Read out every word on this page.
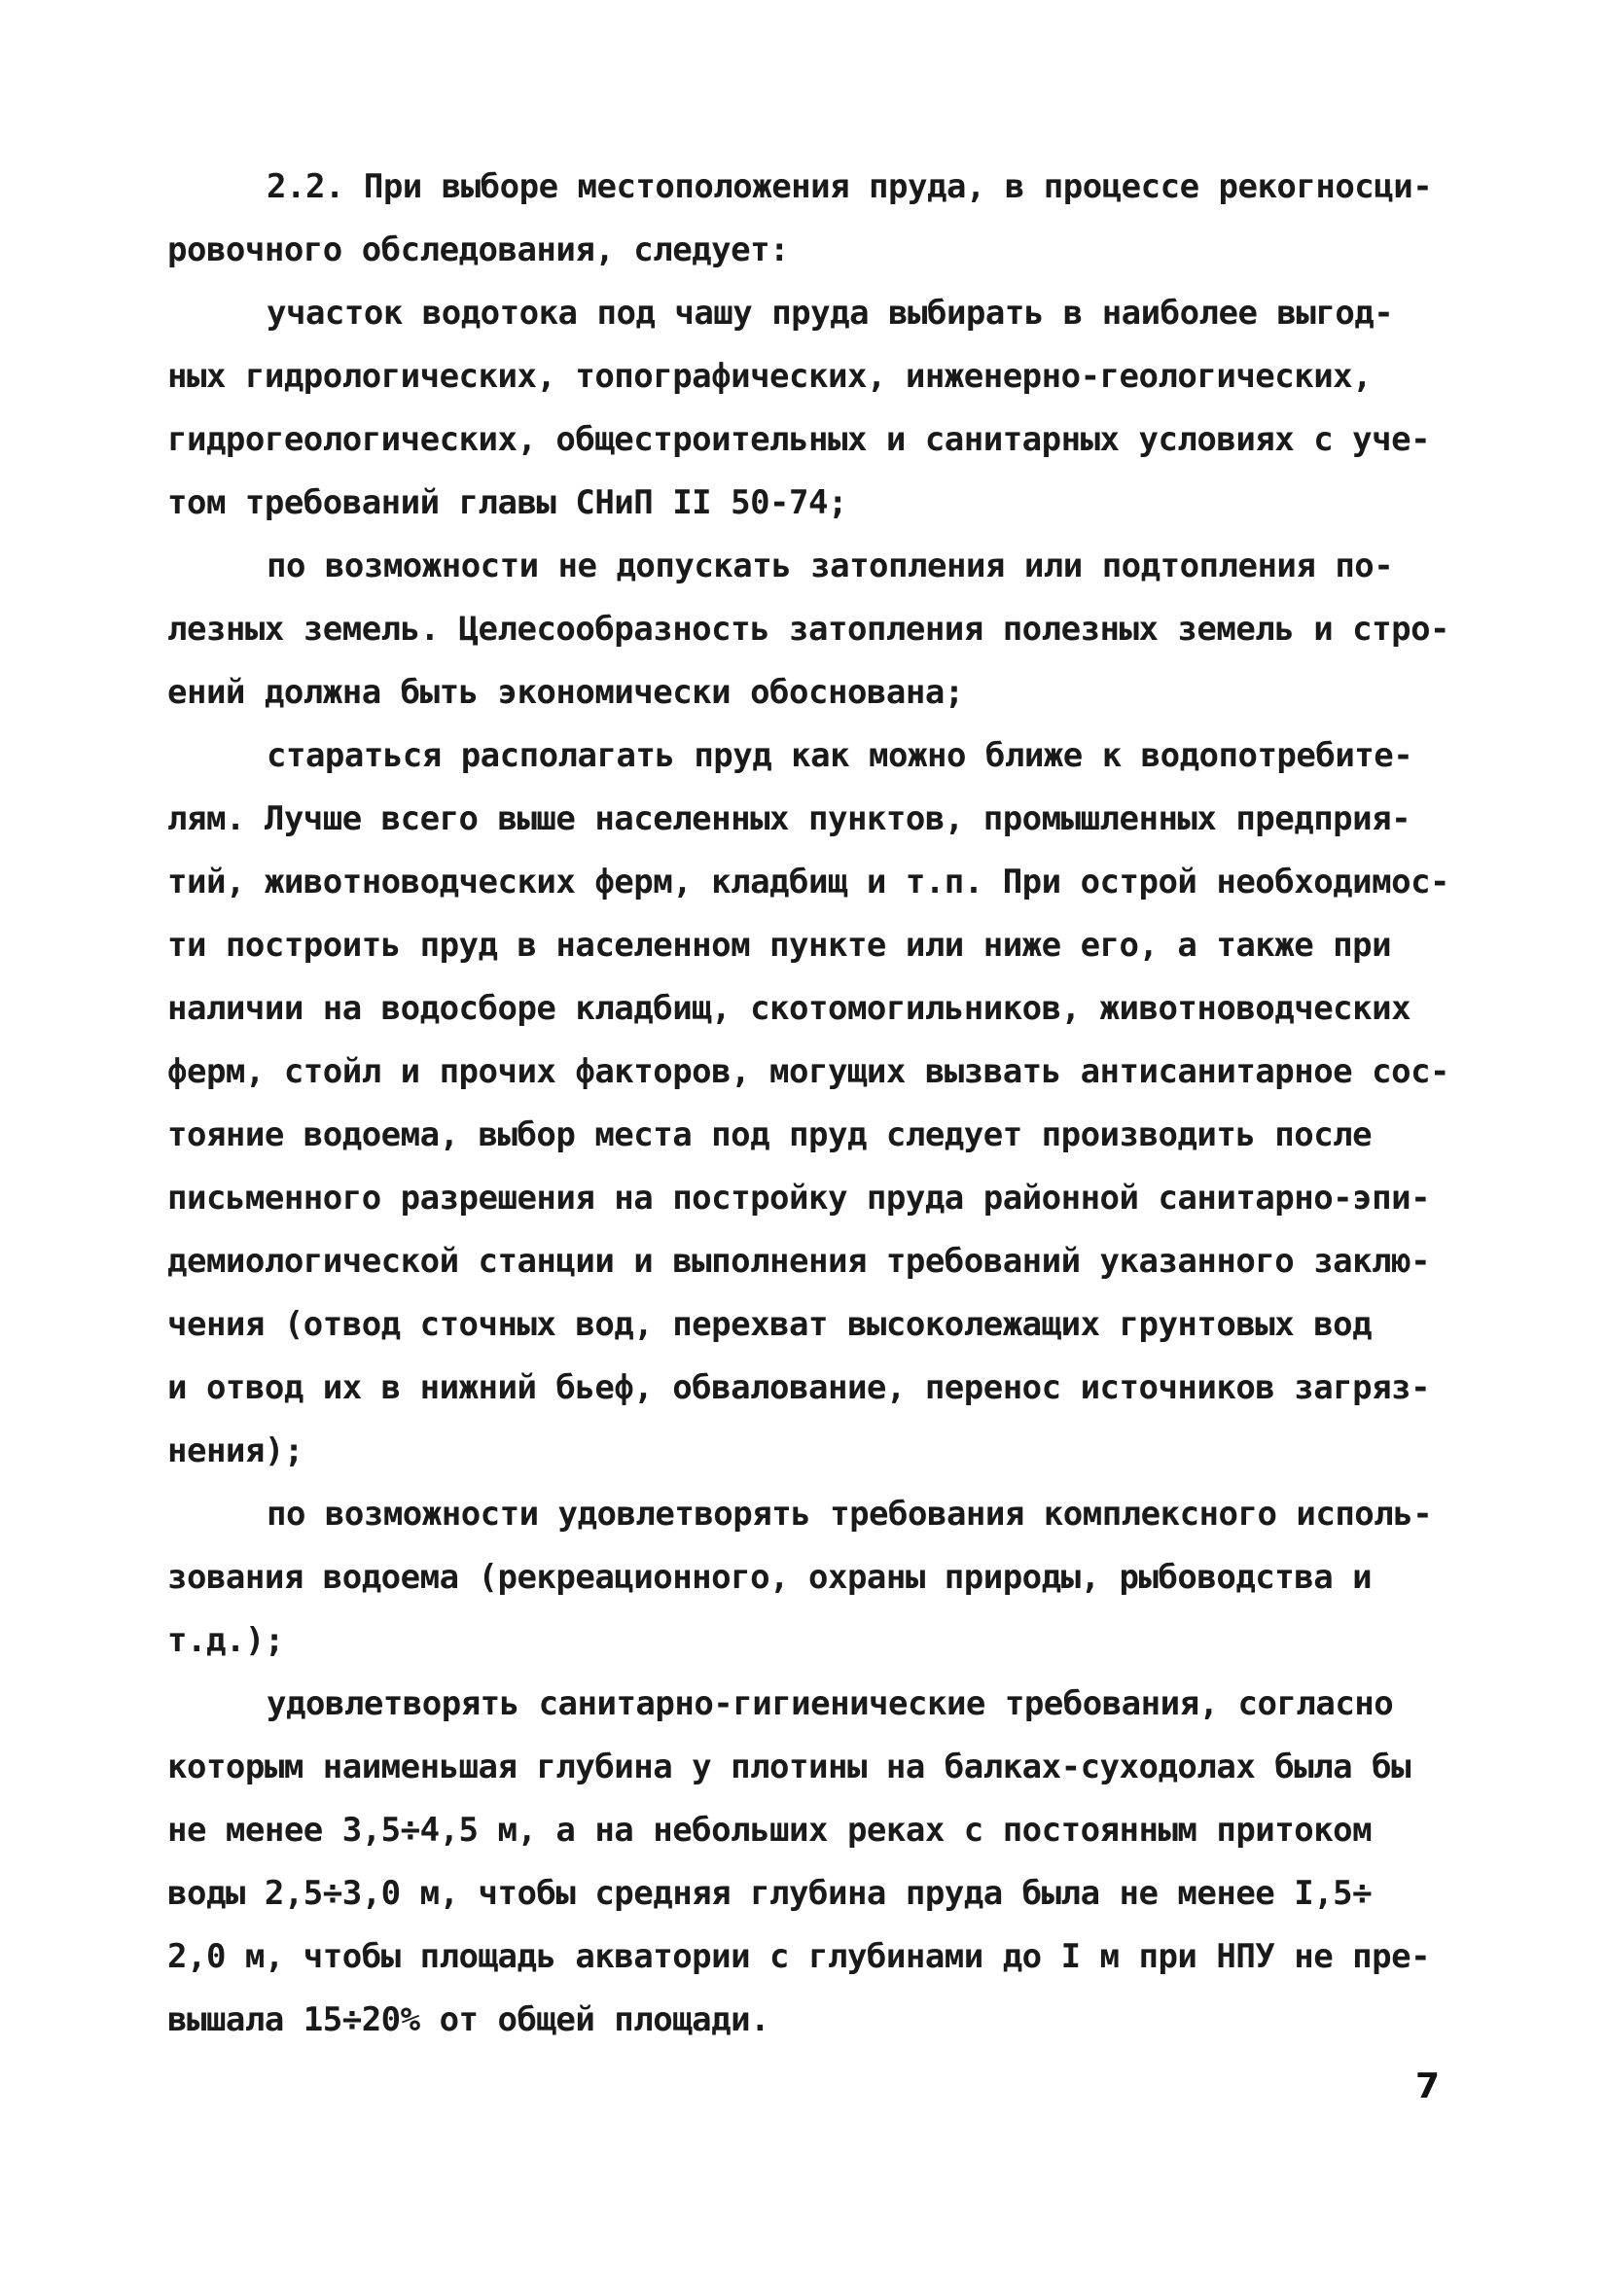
2.2. При выборе местоположения пруда, в процессе рекогносци-
ровочного обследования, следует:
участок водотока под чашу пруда выбирать в наиболее выгод-
ных гидрологических, топографических, инженерно-геологических,
гидрогеологических, общестроительных и санитарных условиях с уче-
том требований главы СНиП II 50-74;
по возможности не допускать затопления или подтопления по-
лезных земель. Целесообразность затопления полезных земель и стро-
ений должна быть экономически обоснована;
стараться располагать пруд как можно ближе к водопотребите-
лям. Лучше всего выше населенных пунктов, промышленных предприя-
тий, животноводческих ферм, кладбищ и т.п. При острой необходимос-
ти построить пруд в населенном пункте или ниже его, а также при
наличии на водосборе кладбищ, скотомогильников, животноводческих
ферм, стойл и прочих факторов, могущих вызвать антисанитарное сос-
тояние водоема, выбор места под пруд следует производить после
письменного разрешения на постройку пруда районной санитарно-эпи-
демиологической станции и выполнения требований указанного заклю-
чения (отвод сточных вод, перехват высоколежащих грунтовых вод
и отвод их в нижний бьеф, обвалование, перенос источников загряз-
нения);
по возможности удовлетворять требования комплексного исполь-
зования водоема (рекреационного, охраны природы, рыбоводства и
т.д.);
удовлетворять санитарно-гигиенические требования, согласно
которым наименьшая глубина у плотины на балках-суходолах была бы
не менее 3,5÷4,5 м, а на небольших реках с постоянным притоком
воды 2,5÷3,0 м, чтобы средняя глубина пруда была не менее I,5÷
2,0 м, чтобы площадь акватории с глубинами до I м при НПУ не пре-
вышала 15÷20% от общей площади.
7
